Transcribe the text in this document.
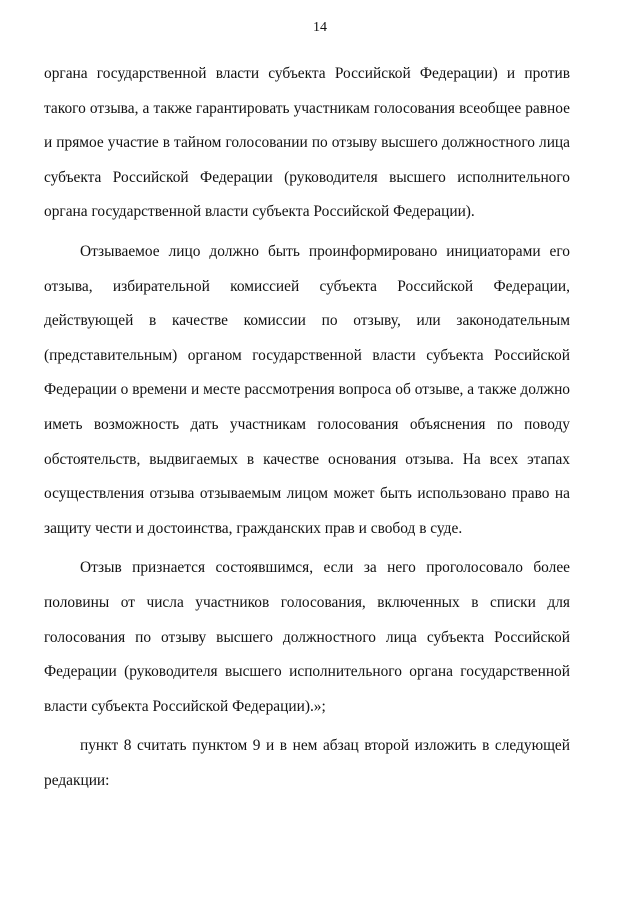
14

органа государственной власти субъекта Российской Федерации) и против такого отзыва, а также гарантировать участникам голосования всеобщее равное и прямое участие в тайном голосовании по отзыву высшего должностного лица субъекта Российской Федерации (руководителя высшего исполнительного органа государственной власти субъекта Российской Федерации).

Отзываемое лицо должно быть проинформировано инициаторами его отзыва, избирательной комиссией субъекта Российской Федерации, действующей в качестве комиссии по отзыву, или законодательным (представительным) органом государственной власти субъекта Российской Федерации о времени и месте рассмотрения вопроса об отзыве, а также должно иметь возможность дать участникам голосования объяснения по поводу обстоятельств, выдвигаемых в качестве основания отзыва. На всех этапах осуществления отзыва отзываемым лицом может быть использовано право на защиту чести и достоинства, гражданских прав и свобод в суде.

Отзыв признается состоявшимся, если за него проголосовало более половины от числа участников голосования, включенных в списки для голосования по отзыву высшего должностного лица субъекта Российской Федерации (руководителя высшего исполнительного органа государственной власти субъекта Российской Федерации).»;

пункт 8 считать пунктом 9 и в нем абзац второй изложить в следующей редакции:
